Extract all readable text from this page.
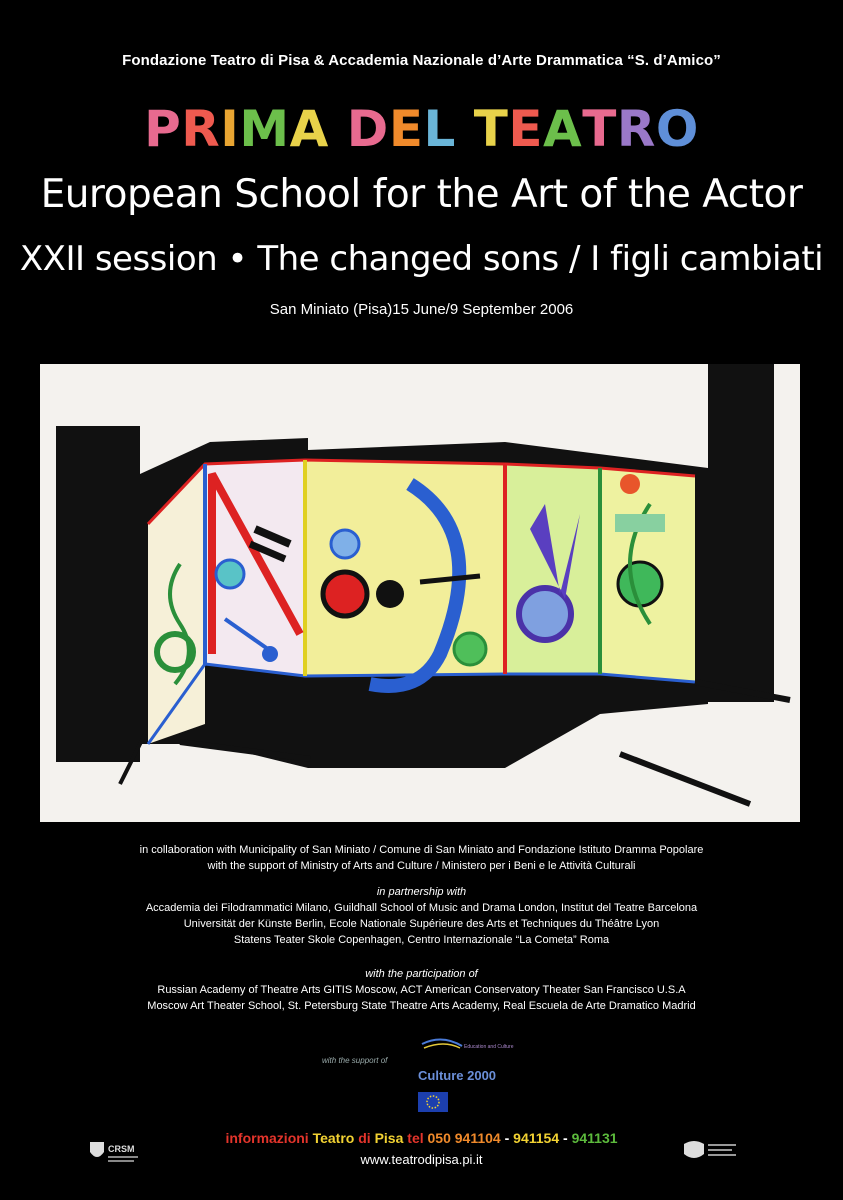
Fondazione Teatro di Pisa & Accademia Nazionale d’Arte Drammatica “S. d’Amico”
PRIMA DEL TEATRO
European School for the Art of the Actor
XXII session • The changed sons / I figli cambiati
San Miniato (Pisa)15 June/9 September 2006
in collaboration with Municipality of San Miniato / Comune di San Miniato and Fondazione Istituto Dramma Popolare
with the support of Ministry of Arts and Culture / Ministero per i Beni e le Attività Culturali
in partnership with
Accademia dei Filodrammatici Milano, Guildhall School of Music and Drama London, Institut del Teatre Barcelona
Universität der Künste Berlin, Ecole Nationale Supérieure des Arts et Techniques du Théâtre Lyon
Statens Teater Skole Copenhagen, Centro Internazionale “La Cometa” Roma
with the participation of
Russian Academy of Theatre Arts GITIS Moscow, ACT American Conservatory Theater San Francisco U.S.A
Moscow Art Theater School, St. Petersburg State Theatre Arts Academy, Real Escuela de Arte Dramatico Madrid
with the support of
Education and Culture
Culture 2000
CRSM
informazioni Teatro di Pisa tel 050 941104 - 941154 - 941131
www.teatrodipisa.pi.it
